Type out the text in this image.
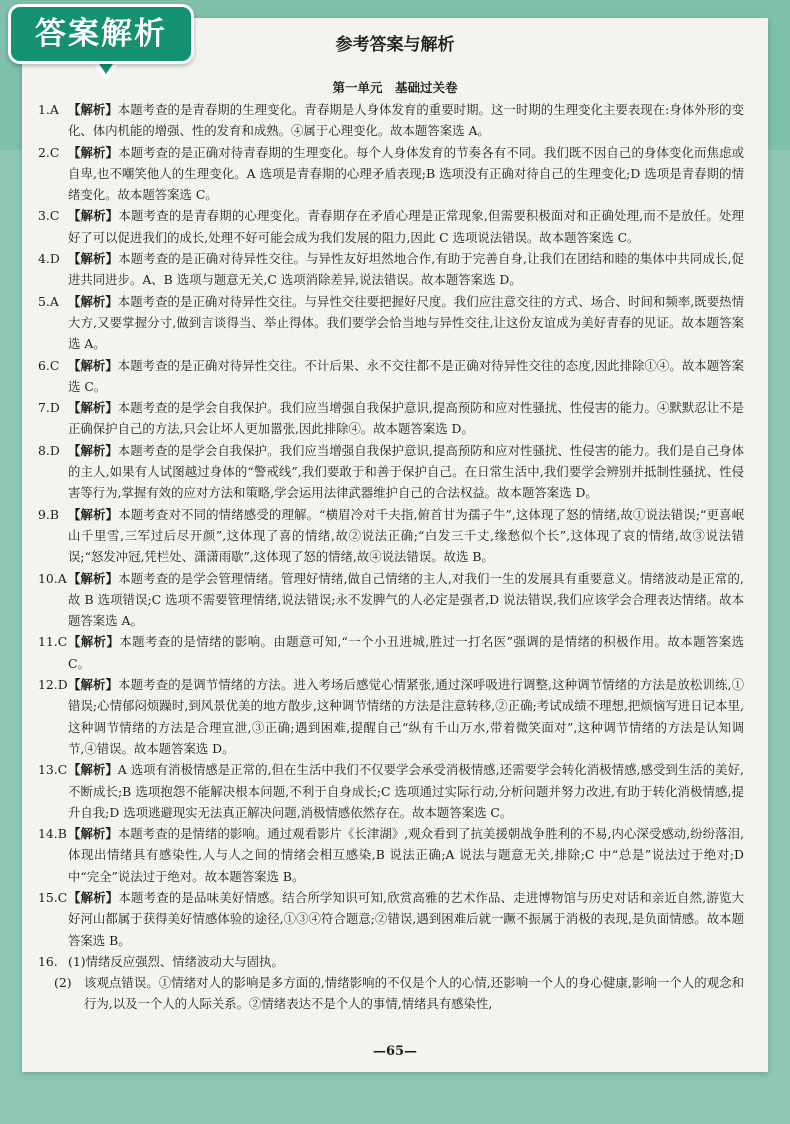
答案解析	参考答案与解析
第一单元　基础过关卷
1.A 【解析】本题考查的是青春期的生理变化。青春期是人身体发育的重要时期。这一时期的生理变化主要表现在:身体外形的变化、体内机能的增强、性的发育和成熟。④属于心理变化。故本题答案选 A。
2.C 【解析】本题考查的是正确对待青春期的生理变化。每个人身体发育的节奏各有不同。我们既不因自己的身体变化而焦虑或自卑,也不嘲笑他人的生理变化。A 选项是青春期的心理矛盾表现;B 选项没有正确对待自己的生理变化;D 选项是青春期的情绪变化。故本题答案选 C。
3.C 【解析】本题考查的是青春期的心理变化。青春期存在矛盾心理是正常现象,但需要积极面对和正确处理,而不是放任。处理好了可以促进我们的成长,处理不好可能会成为我们发展的阻力,因此 C 选项说法错误。故本题答案选 C。
4.D 【解析】本题考查的是正确对待异性交往。与异性友好坦然地合作,有助于完善自身,让我们在团结和睦的集体中共同成长,促进共同进步。A、B 选项与题意无关,C 选项消除差异,说法错误。故本题答案选 D。
5.A 【解析】本题考查的是正确对待异性交往。与异性交往要把握好尺度。我们应注意交往的方式、场合、时间和频率,既要热情大方,又要掌握分寸,做到言谈得当、举止得体。我们要学会恰当地与异性交往,让这份友谊成为美好青春的见证。故本题答案选 A。
6.C 【解析】本题考查的是正确对待异性交往。不计后果、永不交往都不是正确对待异性交往的态度,因此排除①④。故本题答案选 C。
7.D 【解析】本题考查的是学会自我保护。我们应当增强自我保护意识,提高预防和应对性骚扰、性侵害的能力。④默默忍让不是正确保护自己的方法,只会让坏人更加嚣张,因此排除④。故本题答案选 D。
8.D 【解析】本题考查的是学会自我保护。我们应当增强自我保护意识,提高预防和应对性骚扰、性侵害的能力。我们是自己身体的主人,如果有人试图越过身体的“警戒线”,我们要敢于和善于保护自己。在日常生活中,我们要学会辨别并抵制性骚扰、性侵害等行为,掌握有效的应对方法和策略,学会运用法律武器维护自己的合法权益。故本题答案选 D。
9.B 【解析】本题考查对不同的情绪感受的理解。“横眉冷对千夫指,俯首甘为孺子牛”,这体现了怒的情绪,故①说法错误;“更喜岷山千里雪,三军过后尽开颜”,这体现了喜的情绪,故②说法正确;“白发三千丈,缘愁似个长”,这体现了哀的情绪,故③说法错误;“怒发冲冠,凭栏处、潇潇雨歇”,这体现了怒的情绪,故④说法错误。故选 B。
10.A 【解析】本题考查的是学会管理情绪。管理好情绪,做自己情绪的主人,对我们一生的发展具有重要意义。情绪波动是正常的,故 B 选项错误;C 选项不需要管理情绪,说法错误;永不发脾气的人必定是强者,D 说法错误,我们应该学会合理表达情绪。故本题答案选 A。
11.C 【解析】本题考查的是情绪的影响。由题意可知,“一个小丑进城,胜过一打名医”强调的是情绪的积极作用。故本题答案选 C。
12.D 【解析】本题考查的是调节情绪的方法。进入考场后感觉心情紧张,通过深呼吸进行调整,这种调节情绪的方法是放松训练,①错误;心情郁闷烦躁时,到风景优美的地方散步,这种调节情绪的方法是注意转移,②正确;考试成绩不理想,把烦恼写进日记本里,这种调节情绪的方法是合理宣泄,③正确;遇到困难,提醒自己“纵有千山万水,带着微笑面对”,这种调节情绪的方法是认知调节,④错误。故本题答案选 D。
13.C 【解析】A 选项有消极情感是正常的,但在生活中我们不仅要学会承受消极情感,还需要学会转化消极情感,感受到生活的美好,不断成长;B 选项抱怨不能解决根本问题,不利于自身成长;C 选项通过实际行动,分析问题并努力改进,有助于转化消极情感,提升自我;D 选项逃避现实无法真正解决问题,消极情感依然存在。故本题答案选 C。
14.B 【解析】本题考查的是情绪的影响。通过观看影片《长津湖》,观众看到了抗美援朝战争胜利的不易,内心深受感动,纷纷落泪,体现出情绪具有感染性,人与人之间的情绪会相互感染,B 说法正确;A 说法与题意无关,排除;C 中“总是”说法过于绝对;D 中“完全”说法过于绝对。故本题答案选 B。
15.C 【解析】本题考查的是品味美好情感。结合所学知识可知,欣赏高雅的艺术作品、走进博物馆与历史对话和亲近自然,游览大好河山都属于获得美好情感体验的途径,①③④符合题意;②错误,遇到困难后就一蹶不振属于消极的表现,是负面情感。故本题答案选 B。
16. (1)情绪反应强烈、情绪波动大与固执。
(2) 该观点错误。①情绪对人的影响是多方面的,情绪影响的不仅是个人的心情,还影响一个人的身心健康,影响一个人的观念和行为,以及一个人的人际关系。②情绪表达不是个人的事情,情绪具有感染性,
—65—
